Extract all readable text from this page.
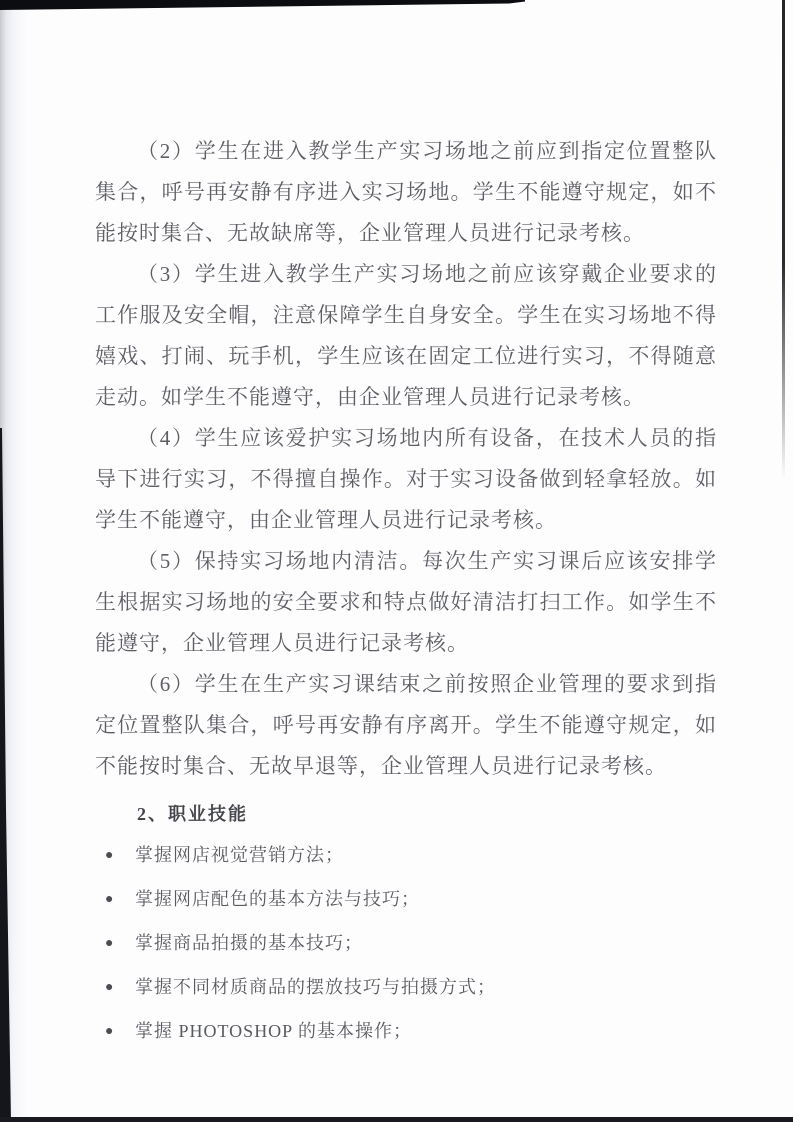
（2）学生在进入教学生产实习场地之前应到指定位置整队
集合，呼号再安静有序进入实习场地。学生不能遵守规定，如不
能按时集合、无故缺席等，企业管理人员进行记录考核。
（3）学生进入教学生产实习场地之前应该穿戴企业要求的
工作服及安全帽，注意保障学生自身安全。学生在实习场地不得
嬉戏、打闹、玩手机，学生应该在固定工位进行实习，不得随意
走动。如学生不能遵守，由企业管理人员进行记录考核。
（4）学生应该爱护实习场地内所有设备，在技术人员的指
导下进行实习，不得擅自操作。对于实习设备做到轻拿轻放。如
学生不能遵守，由企业管理人员进行记录考核。
（5）保持实习场地内清洁。每次生产实习课后应该安排学
生根据实习场地的安全要求和特点做好清洁打扫工作。如学生不
能遵守，企业管理人员进行记录考核。
（6）学生在生产实习课结束之前按照企业管理的要求到指
定位置整队集合，呼号再安静有序离开。学生不能遵守规定，如
不能按时集合、无故早退等，企业管理人员进行记录考核。
2、职业技能
●	掌握网店视觉营销方法；
●	掌握网店配色的基本方法与技巧；
●	掌握商品拍摄的基本技巧；
●	掌握不同材质商品的摆放技巧与拍摄方式；
●	掌握 PHOTOSHOP 的基本操作；
